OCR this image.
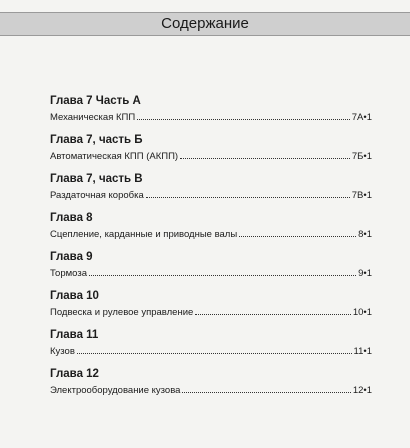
Содержание
Глава 7 Часть А
Механическая КПП	7А•1
Глава 7, часть Б
Автоматическая КПП (АКПП)	7Б•1
Глава 7, часть В
Раздаточная коробка	7В•1
Глава 8
Сцепление, карданные и приводные валы	8•1
Глава 9
Тормоза	9•1
Глава 10
Подвеска и рулевое управление	10•1
Глава 11
Кузов	11•1
Глава 12
Электрооборудование кузова	12•1
